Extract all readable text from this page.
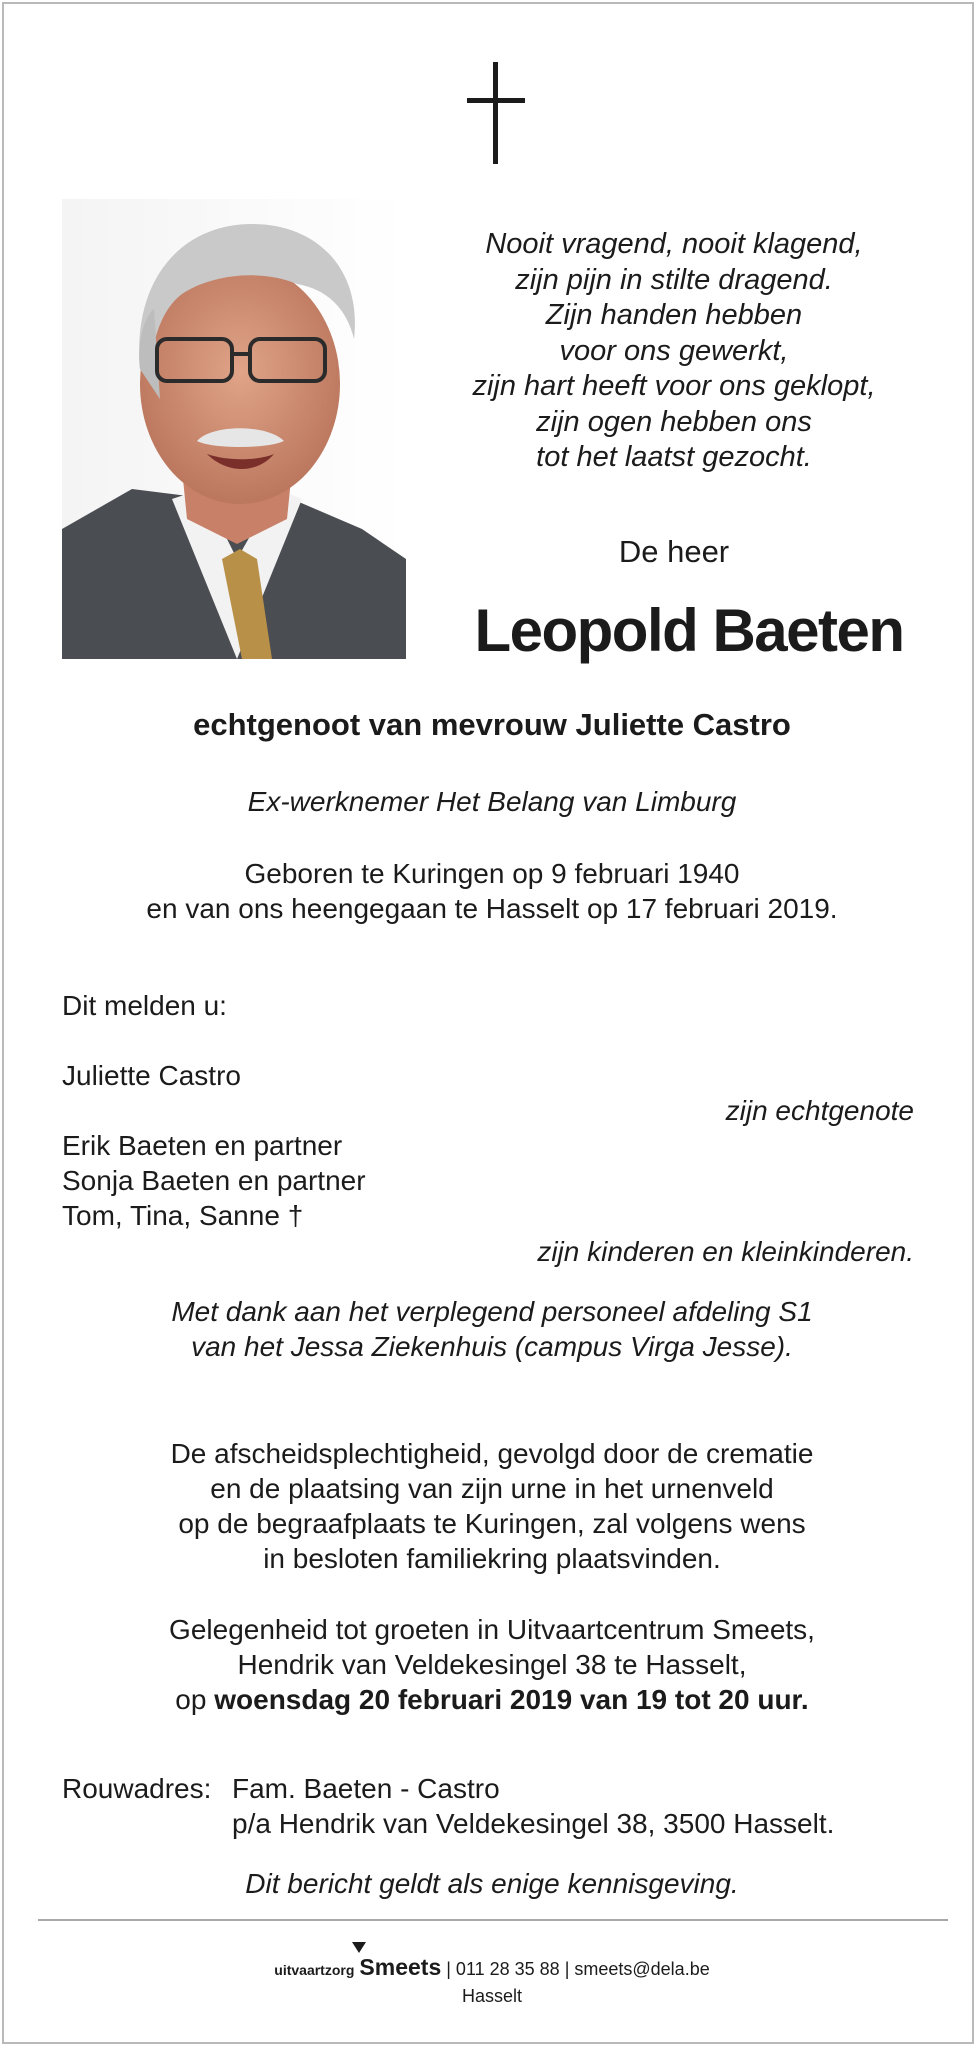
Nooit vragend, nooit klagend,
zijn pijn in stilte dragend.
Zijn handen hebben
voor ons gewerkt,
zijn hart heeft voor ons geklopt,
zijn ogen hebben ons
tot het laatst gezocht.
De heer
Leopold Baeten
echtgenoot van mevrouw Juliette Castro
Ex-werknemer Het Belang van Limburg
Geboren te Kuringen op 9 februari 1940
en van ons heengegaan te Hasselt op 17 februari 2019.
Dit melden u:
Juliette Castro
zijn echtgenote
Erik Baeten en partner
Sonja Baeten en partner
Tom, Tina, Sanne †
zijn kinderen en kleinkinderen.
Met dank aan het verplegend personeel afdeling S1
van het Jessa Ziekenhuis (campus Virga Jesse).
De afscheidsplechtigheid, gevolgd door de crematie
en de plaatsing van zijn urne in het urnenveld
op de begraafplaats te Kuringen, zal volgens wens
in besloten familiekring plaatsvinden.
Gelegenheid tot groeten in Uitvaartcentrum Smeets,
Hendrik van Veldekesingel 38 te Hasselt,
op woensdag 20 februari 2019 van 19 tot 20 uur.
Rouwadres: Fam. Baeten - Castro
p/a Hendrik van Veldekesingel 38, 3500 Hasselt.
Dit bericht geldt als enige kennisgeving.
uitvaartzorg Smeets | 011 28 35 88 | smeets@dela.be
Hasselt
